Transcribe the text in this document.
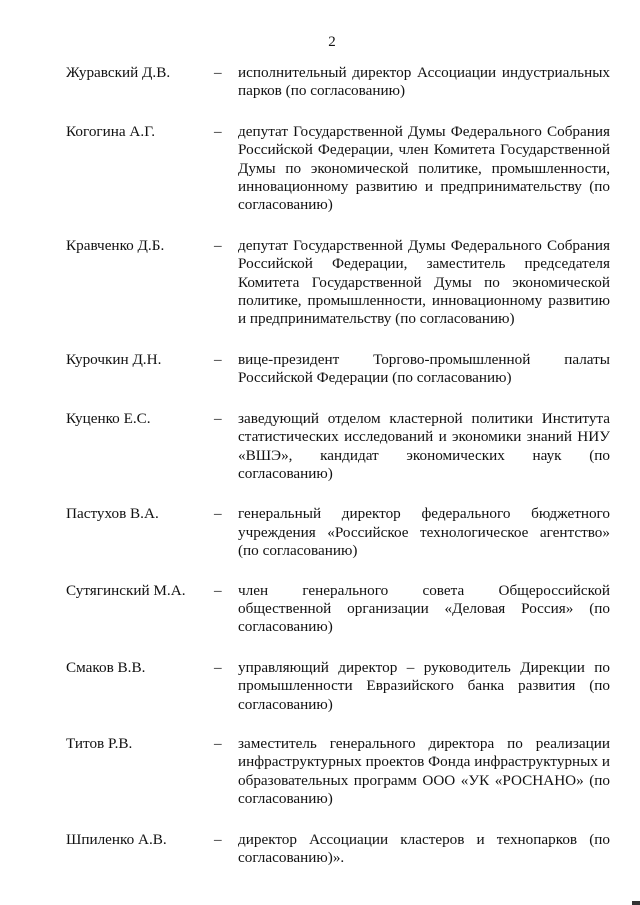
2
Журавский Д.В.	–	исполнительный директор Ассоциации индустриальных парков (по согласованию)
Когогина А.Г.	–	депутат Государственной Думы Федерального Собрания Российской Федерации, член Комитета Государственной Думы по экономической политике, промышленности, инновационному развитию и предпринимательству (по согласованию)
Кравченко Д.Б.	–	депутат Государственной Думы Федерального Собрания Российской Федерации, заместитель председателя Комитета Государственной Думы по экономической политике, промышленности, инновационному развитию и предпринимательству (по согласованию)
Курочкин Д.Н.	–	вице-президент Торгово-промышленной палаты Российской Федерации (по согласованию)
Куценко Е.С.	–	заведующий отделом кластерной политики Института статистических исследований и экономики знаний НИУ «ВШЭ», кандидат экономических наук (по согласованию)
Пастухов В.А.	–	генеральный директор федерального бюджетного учреждения «Российское технологическое агентство» (по согласованию)
Сутягинский М.А.	–	член генерального совета Общероссийской общественной организации «Деловая Россия» (по согласованию)
Смаков В.В.	–	управляющий директор – руководитель Дирекции по промышленности Евразийского банка развития (по согласованию)
Титов Р.В.	–	заместитель генерального директора по реализации инфраструктурных проектов Фонда инфраструктурных и образовательных программ ООО «УК «РОСНАНО» (по согласованию)
Шпиленко А.В.	–	директор Ассоциации кластеров и технопарков (по согласованию)».
